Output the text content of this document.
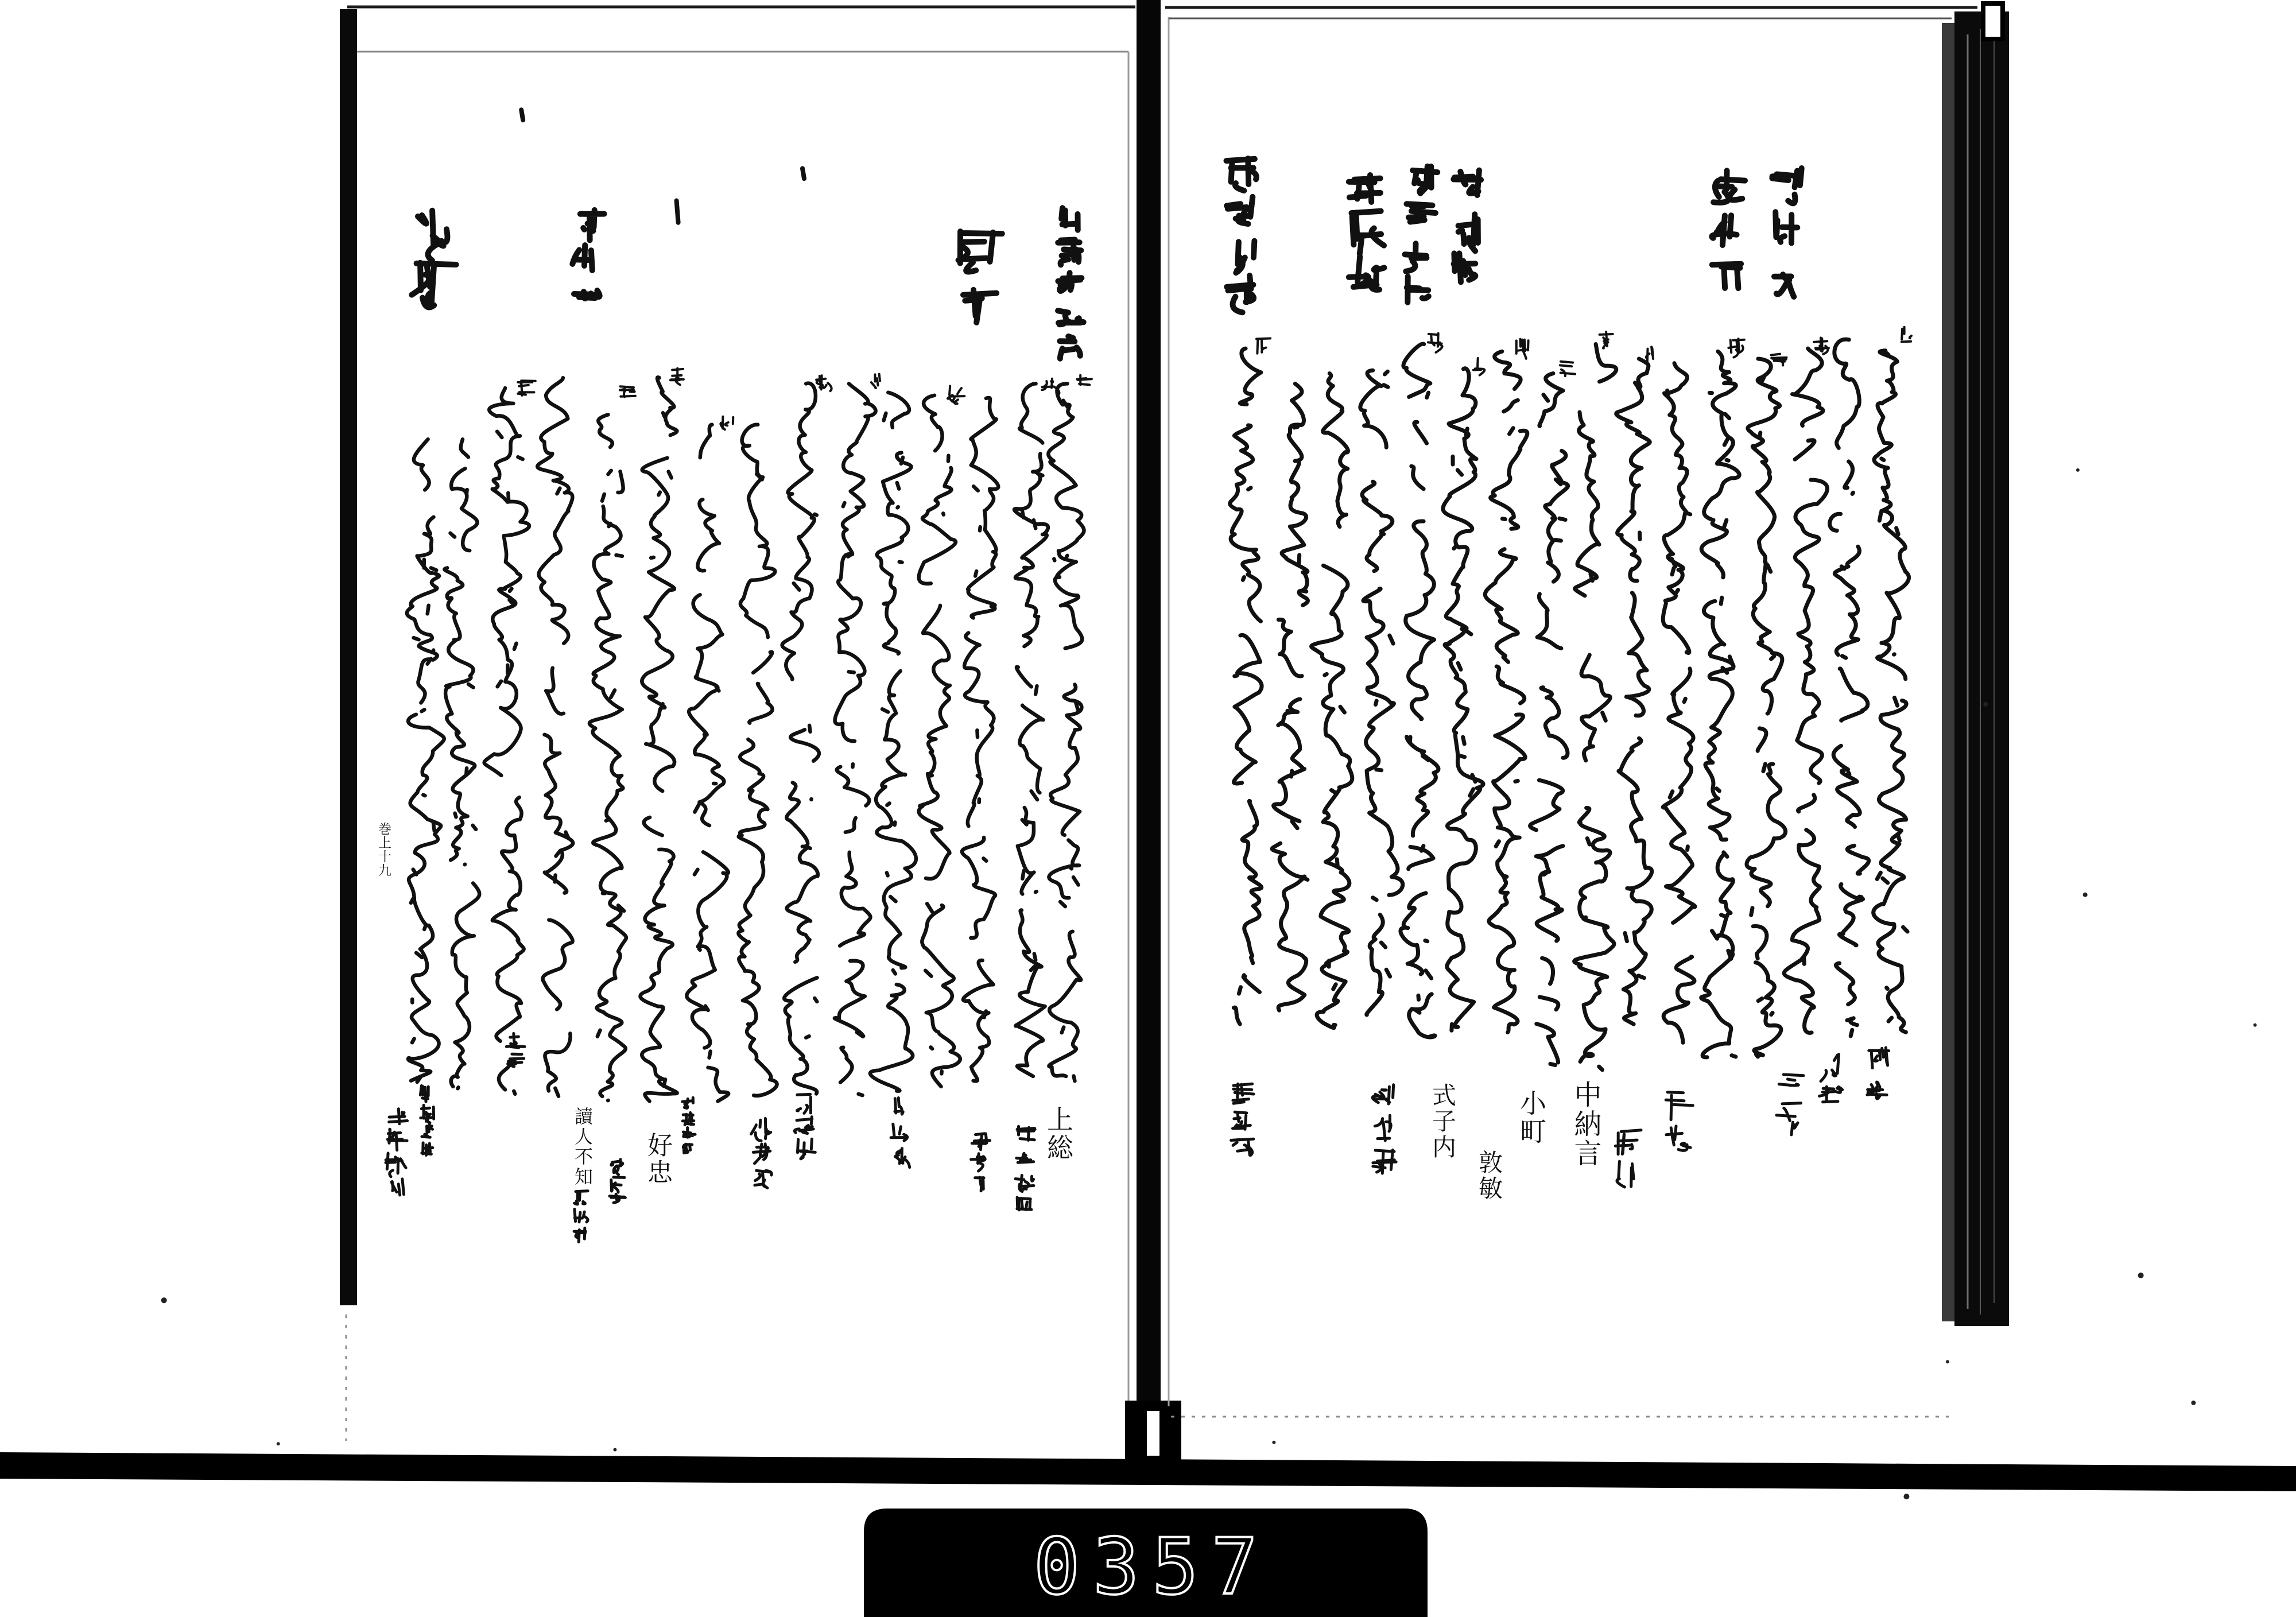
上総
好忠
讀人不知
巻上十九
中納言
小町
敦敏
式子内
0357
